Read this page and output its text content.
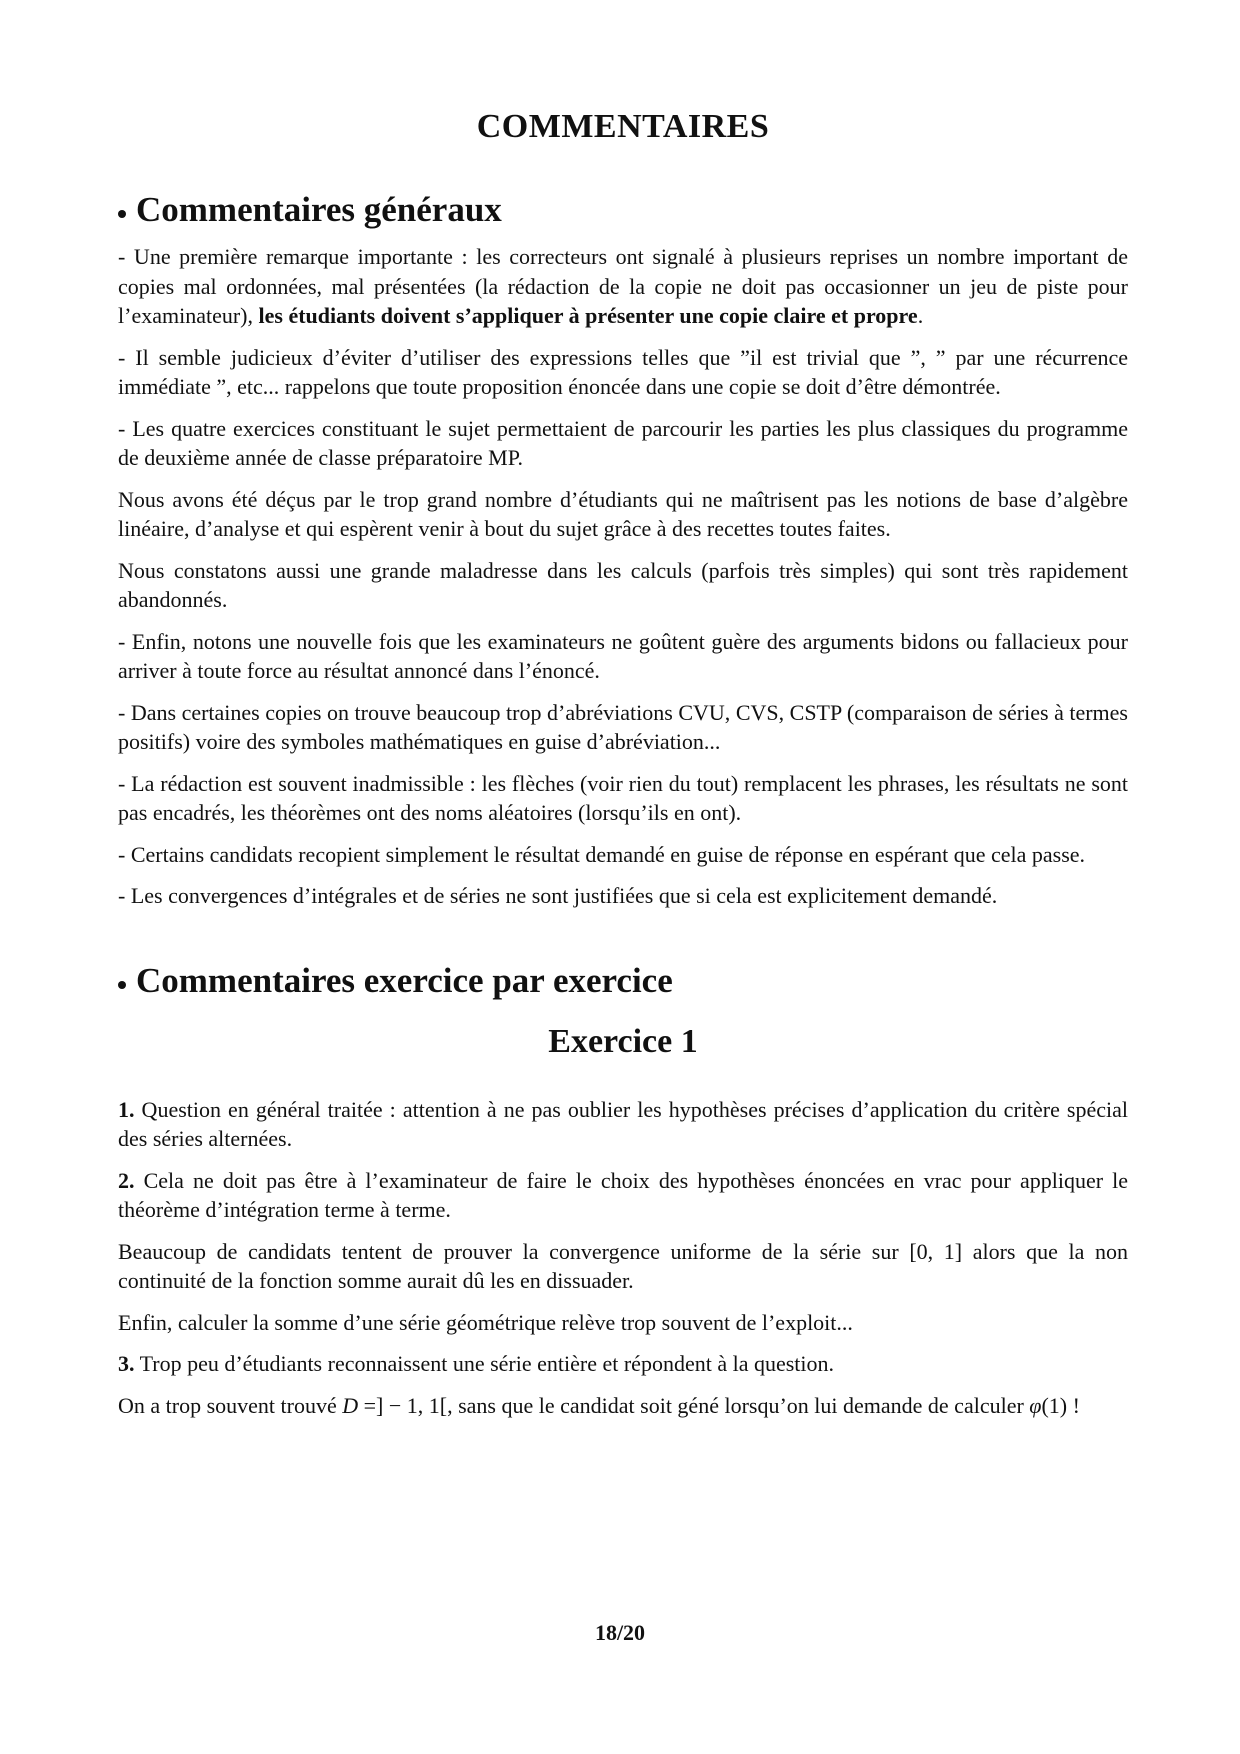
COMMENTAIRES
Commentaires généraux

- Une première remarque importante : les correcteurs ont signalé à plusieurs reprises un nombre important de copies mal ordonnées, mal présentées (la rédaction de la copie ne doit pas occasionner un jeu de piste pour l’examinateur), les étudiants doivent s’appliquer à présenter une copie claire et propre.

- Il semble judicieux d’éviter d’utiliser des expressions telles que ”il est trivial que ”, ” par une récurrence immédiate ”, etc... rappelons que toute proposition énoncée dans une copie se doit d’être démontrée.

- Les quatre exercices constituant le sujet permettaient de parcourir les parties les plus classiques du programme de deuxième année de classe préparatoire MP.

Nous avons été déçus par le trop grand nombre d’étudiants qui ne maîtrisent pas les notions de base d’algèbre linéaire, d’analyse et qui espèrent venir à bout du sujet grâce à des recettes toutes faites.

Nous constatons aussi une grande maladresse dans les calculs (parfois très simples) qui sont très rapidement abandonnés.

- Enfin, notons une nouvelle fois que les examinateurs ne goûtent guère des arguments bidons ou fallacieux pour arriver à toute force au résultat annoncé dans l’énoncé.

- Dans certaines copies on trouve beaucoup trop d’abréviations CVU, CVS, CSTP (comparaison de séries à termes positifs) voire des symboles mathématiques en guise d’abréviation...

- La rédaction est souvent inadmissible : les flèches (voir rien du tout) remplacent les phrases, les résultats ne sont pas encadrés, les théorèmes ont des noms aléatoires (lorsqu’ils en ont).

- Certains candidats recopient simplement le résultat demandé en guise de réponse en espérant que cela passe.

- Les convergences d’intégrales et de séries ne sont justifiées que si cela est explicitement demandé.

Commentaires exercice par exercice
Exercice 1

1. Question en général traitée : attention à ne pas oublier les hypothèses précises d’application du critère spécial des séries alternées.

2. Cela ne doit pas être à l’examinateur de faire le choix des hypothèses énoncées en vrac pour appliquer le théorème d’intégration terme à terme.

Beaucoup de candidats tentent de prouver la convergence uniforme de la série sur [0, 1] alors que la non continuité de la fonction somme aurait dû les en dissuader.

Enfin, calculer la somme d’une série géométrique relève trop souvent de l’exploit...

3. Trop peu d’étudiants reconnaissent une série entière et répondent à la question.

On a trop souvent trouvé D =] − 1, 1[, sans que le candidat soit géné lorsqu’on lui demande de calculer φ(1) !

18/20
